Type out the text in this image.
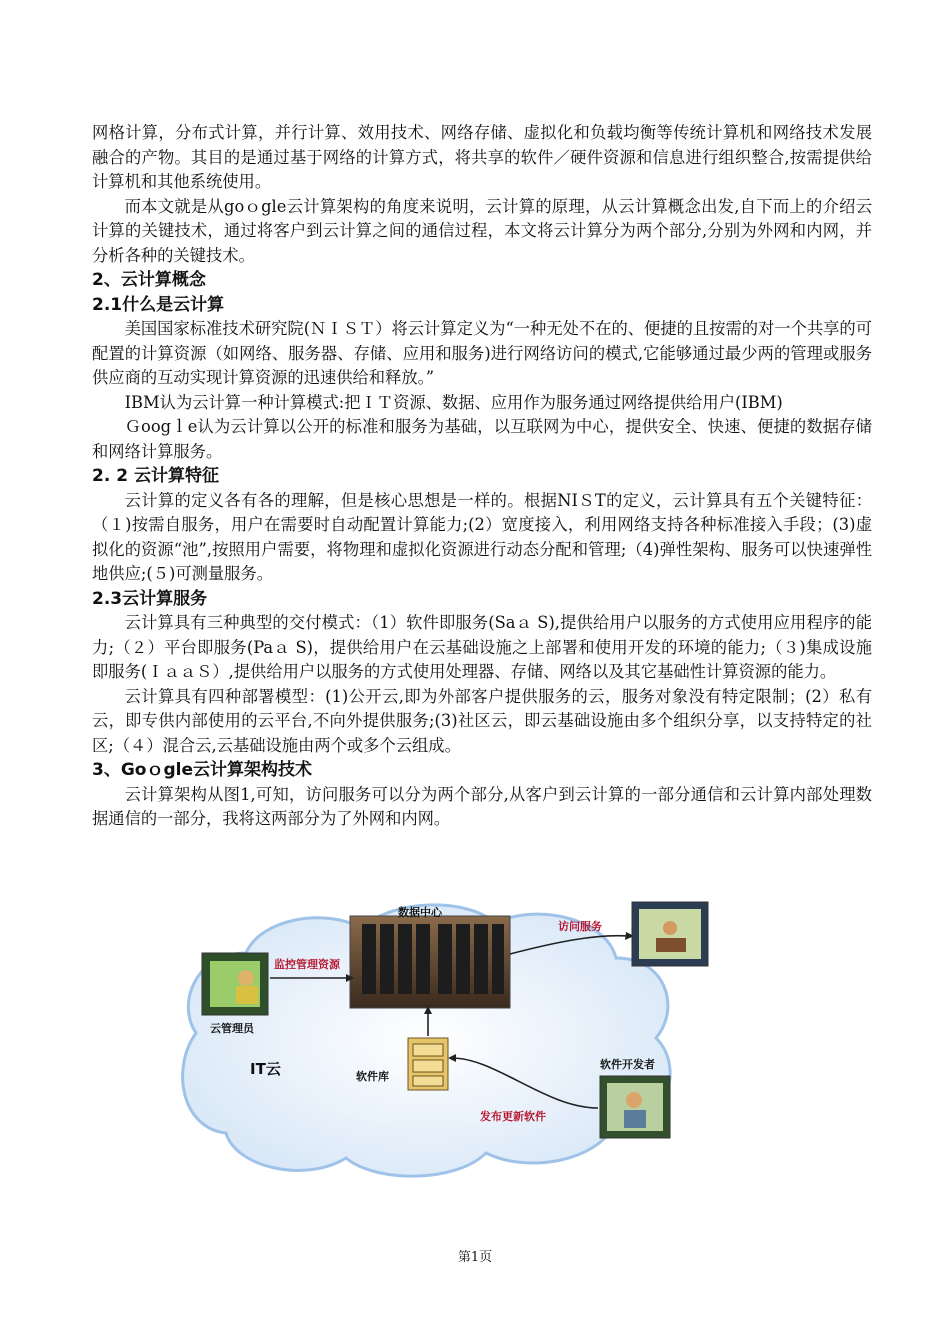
网格计算，分布式计算，并行计算、效用技术、网络存储、虚拟化和负载均衡等传统计算机和网络技术发展融合的产物。其目的是通过基于网络的计算方式，将共享的软件／硬件资源和信息进行组织整合,按需提供给计算机和其他系统使用。

而本文就是从goｏgle云计算架构的角度来说明，云计算的原理，从云计算概念出发,自下而上的介绍云计算的关键技术，通过将客户到云计算之间的通信过程，本文将云计算分为两个部分,分别为外网和内网，并分析各种的关键技术。

2、云计算概念

2.1什么是云计算

美国国家标准技术研究院(ＮＩＳＴ）将云计算定义为“一种无处不在的、便捷的且按需的对一个共享的可配置的计算资源（如网络、服务器、存储、应用和服务)进行网络访问的模式,它能够通过最少两的管理或服务供应商的互动实现计算资源的迅速供给和释放。”

IBM认为云计算一种计算模式:把ＩＴ资源、数据、应用作为服务通过网络提供给用户(IBM)

Ｇoogｌe认为云计算以公开的标准和服务为基础，以互联网为中心，提供安全、快速、便捷的数据存储和网络计算服务。

2. 2 云计算特征

云计算的定义各有各的理解，但是核心思想是一样的。根据NIＳT的定义，云计算具有五个关键特征：（１)按需自服务，用户在需要时自动配置计算能力;(2）宽度接入，利用网络支持各种标准接入手段；(3)虚拟化的资源“池”,按照用户需要，将物理和虚拟化资源进行动态分配和管理;（4)弹性架构、服务可以快速弹性地供应;(５)可测量服务。

2.3云计算服务

云计算具有三种典型的交付模式：（1）软件即服务(Saａ S),提供给用户以服务的方式使用应用程序的能力;（２）平台即服务(Paａ S)，提供给用户在云基础设施之上部署和使用开发的环境的能力;（３)集成设施即服务(ＩａａＳ）,提供给用户以服务的方式使用处理器、存储、网络以及其它基础性计算资源的能力。

云计算具有四种部署模型：(1)公开云,即为外部客户提供服务的云，服务对象没有特定限制；(2）私有云，即专供内部使用的云平台,不向外提供服务;(3)社区云，即云基础设施由多个组织分享，以支持特定的社区;（４）混合云,云基础设施由两个或多个云组成。

3、Goｏgle云计算架构技术

云计算架构从图1,可知，访问服务可以分为两个部分,从客户到云计算的一部分通信和云计算内部处理数据通信的一部分，我将这两部分为了外网和内网。

数据中心
访问服务
监控管理资源
云管理员
IT云	软件库
软件开发者
发布更新软件
第1页
